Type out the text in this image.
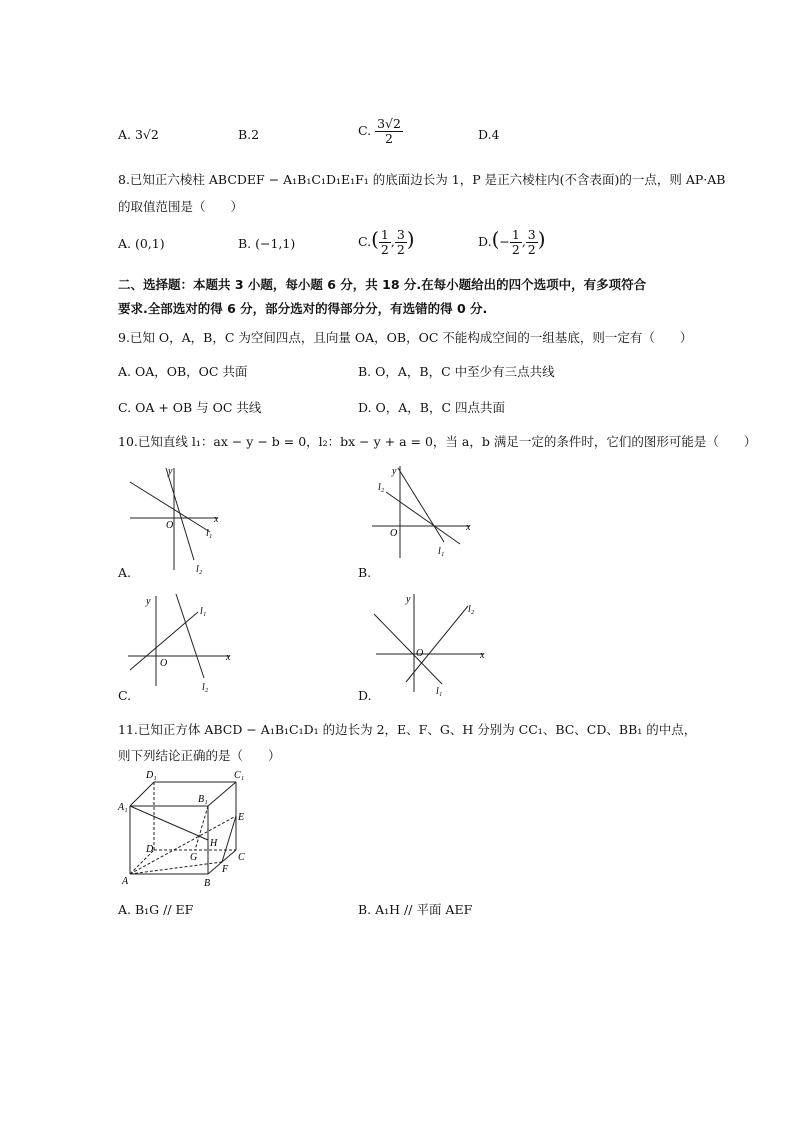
A. 3√2	B.2	C. $\frac{3√2}{2}$	D.4
8.已知正六棱柱 ABCDEF − A₁B₁C₁D₁E₁F₁ 的底面边长为 1，P 是正六棱柱内(不含表面)的一点，则 AP·AB
的取值范围是（　　）
A. (0,1)	B. (−1,1)	$C.( \frac{1}{2}$ , $\frac{3}{2}$ )	$D.(- \frac{1}{2}$ , $\frac{3}{2}$ )
二、选择题：本题共 3 小题，每小题 6 分，共 18 分.在每小题给出的四个选项中，有多项符合
要求.全部选对的得 6 分，部分选对的得部分分，有选错的得 0 分.
9.已知 O，A，B，C 为空间四点，且向量 OA，OB，OC 不能构成空间的一组基底，则一定有（　　）
A. OA，OB，OC 共面	B. O，A，B，C 中至少有三点共线
C. OA + OB 与 OC 共线	D. O，A，B，C 四点共面
10.已知直线 l₁：ax − y − b = 0，l₂：bx − y + a = 0，当 a，b 满足一定的条件时，它们的图形可能是（　　）
x
y
O
l₁
l₂
A.
x
y
O
l₂
l₁
B.
x
y
O
l₁
l₂
C.
x
y
O
l₂
l₁
D.
11.已知正方体 ABCD − A₁B₁C₁D₁ 的边长为 2，E、F、G、H 分别为 CC₁、BC、CD、BB₁ 的中点，
则下列结论正确的是（　　）
A₁
D₁	C₁
B₁
E
H
D
G	C
F
A	B
A. B₁G // EF	B. A₁H // 平面 AEF
